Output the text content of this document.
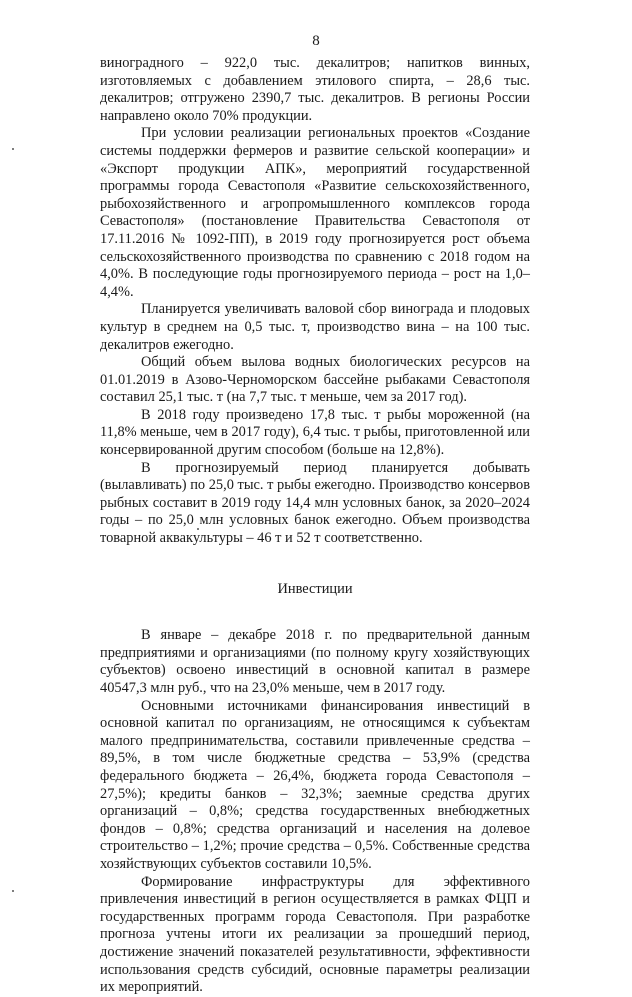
8

виноградного – 922,0 тыс. декалитров; напитков винных, изготовляемых с добавлением этилового спирта, – 28,6 тыс. декалитров; отгружено 2390,7 тыс. декалитров. В регионы России направлено около 70% продукции.

При условии реализации региональных проектов «Создание системы поддержки фермеров и развитие сельской кооперации» и «Экспорт продукции АПК», мероприятий государственной программы города Севастополя «Развитие сельскохозяйственного, рыбохозяйственного и агропромышленного комплексов города Севастополя» (постановление Правительства Севастополя от 17.11.2016 № 1092-ПП), в 2019 году прогнозируется рост объема сельскохозяйственного производства по сравнению с 2018 годом на 4,0%. В последующие годы прогнозируемого периода – рост на 1,0–4,4%.

Планируется увеличивать валовой сбор винограда и плодовых культур в среднем на 0,5 тыс. т, производство вина – на 100 тыс. декалитров ежегодно.

Общий объем вылова водных биологических ресурсов на 01.01.2019 в Азово-Черноморском бассейне рыбаками Севастополя составил 25,1 тыс. т (на 7,7 тыс. т меньше, чем за 2017 год).

В 2018 году произведено 17,8 тыс. т рыбы мороженной (на 11,8% меньше, чем в 2017 году), 6,4 тыс. т рыбы, приготовленной или консервированной другим способом (больше на 12,8%).

В прогнозируемый период планируется добывать (вылавливать) по 25,0 тыс. т рыбы ежегодно. Производство консервов рыбных составит в 2019 году 14,4 млн условных банок, за 2020–2024 годы – по 25,0 млн условных банок ежегодно. Объем производства товарной аквакультуры – 46 т и 52 т соответственно.

Инвестиции

В январе – декабре 2018 г. по предварительной данным предприятиями и организациями (по полному кругу хозяйствующих субъектов) освоено инвестиций в основной капитал в размере 40547,3 млн руб., что на 23,0% меньше, чем в 2017 году.

Основными источниками финансирования инвестиций в основной капитал по организациям, не относящимся к субъектам малого предпринимательства, составили привлеченные средства – 89,5%, в том числе бюджетные средства – 53,9% (средства федерального бюджета – 26,4%, бюджета города Севастополя – 27,5%); кредиты банков – 32,3%; заемные средства других организаций – 0,8%; средства государственных внебюджетных фондов – 0,8%; средства организаций и населения на долевое строительство – 1,2%; прочие средства – 0,5%. Собственные средства хозяйствующих субъектов составили 10,5%.

Формирование инфраструктуры для эффективного привлечения инвестиций в регион осуществляется в рамках ФЦП и государственных программ города Севастополя. При разработке прогноза учтены итоги их реализации за прошедший период, достижение значений показателей результативности, эффективности использования средств субсидий, основные параметры реализации их мероприятий.
